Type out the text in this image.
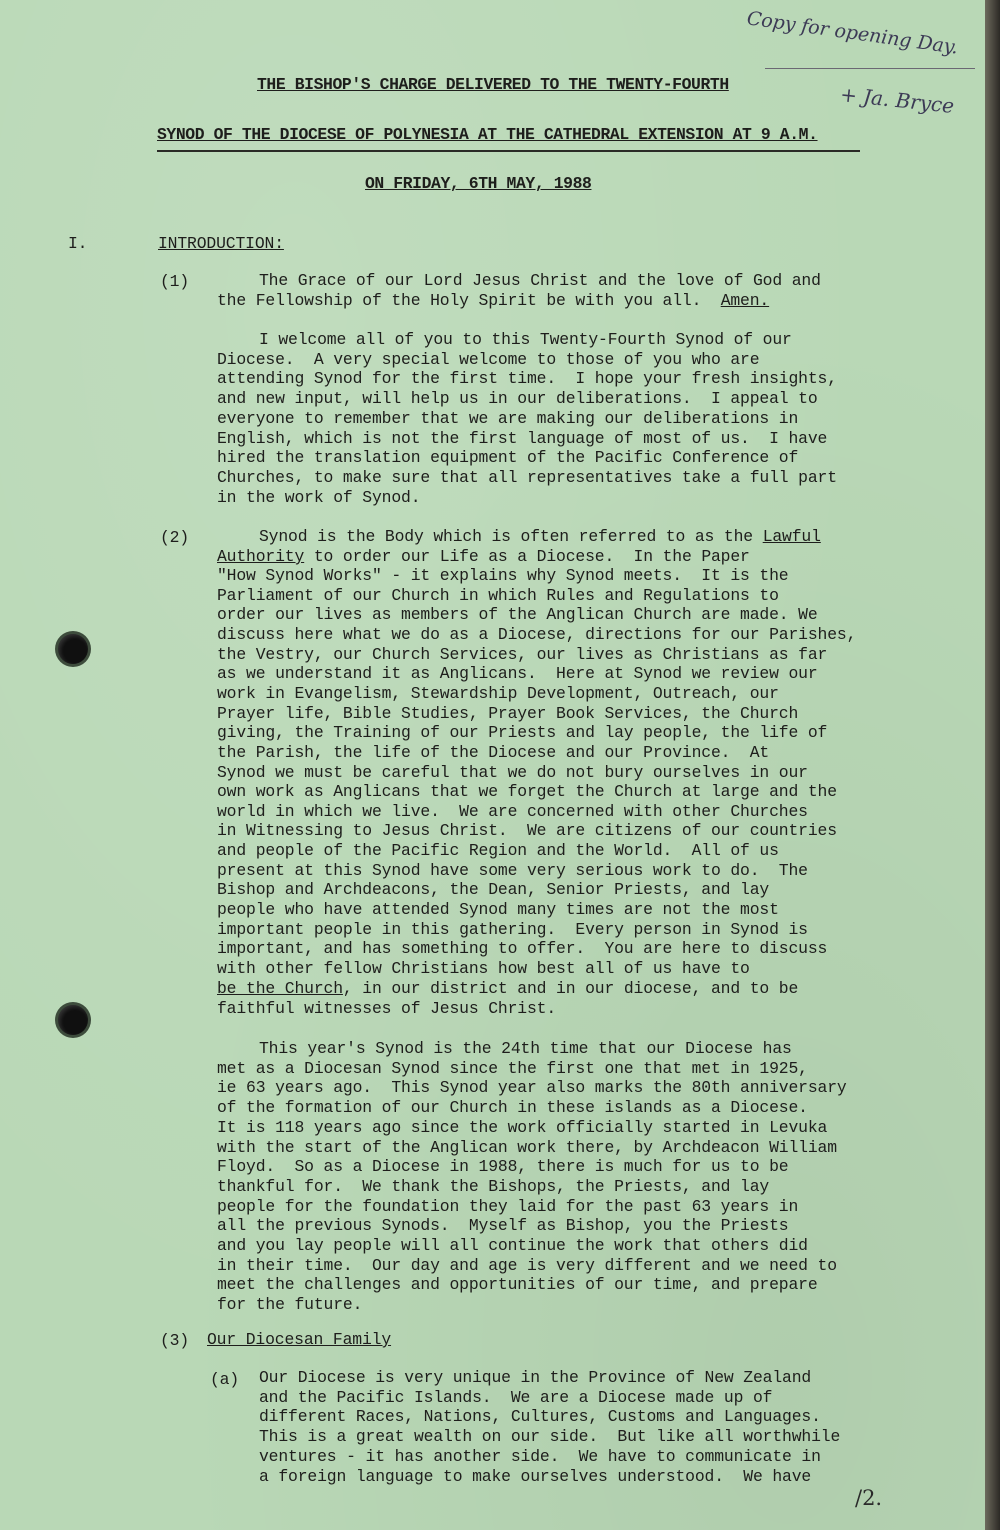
Copy for opening Day.
+ Ja. Bryce
THE BISHOP'S CHARGE DELIVERED TO THE TWENTY-FOURTH
SYNOD OF THE DIOCESE OF POLYNESIA AT THE CATHEDRAL EXTENSION AT 9 A.M.
ON FRIDAY, 6TH MAY, 1988
I.	INTRODUCTION:
(1)	The Grace of our Lord Jesus Christ and the love of God and
the Fellowship of the Holy Spirit be with you all. Amen.
I welcome all of you to this Twenty-Fourth Synod of our
Diocese.  A very special welcome to those of you who are
attending Synod for the first time.  I hope your fresh insights,
and new input, will help us in our deliberations.  I appeal to
everyone to remember that we are making our deliberations in
English, which is not the first language of most of us.  I have
hired the translation equipment of the Pacific Conference of
Churches, to make sure that all representatives take a full part
in the work of Synod.
(2)	Synod is the Body which is often referred to as the Lawful
Authority to order our Life as a Diocese.  In the Paper
"How Synod Works" - it explains why Synod meets.  It is the
Parliament of our Church in which Rules and Regulations to
order our lives as members of the Anglican Church are made. We
discuss here what we do as a Diocese, directions for our Parishes,
the Vestry, our Church Services, our lives as Christians as far
as we understand it as Anglicans.  Here at Synod we review our
work in Evangelism, Stewardship Development, Outreach, our
Prayer life, Bible Studies, Prayer Book Services, the Church
giving, the Training of our Priests and lay people, the life of
the Parish, the life of the Diocese and our Province.  At
Synod we must be careful that we do not bury ourselves in our
own work as Anglicans that we forget the Church at large and the
world in which we live.  We are concerned with other Churches
in Witnessing to Jesus Christ.  We are citizens of our countries
and people of the Pacific Region and the World.  All of us
present at this Synod have some very serious work to do.  The
Bishop and Archdeacons, the Dean, Senior Priests, and lay
people who have attended Synod many times are not the most
important people in this gathering.  Every person in Synod is
important, and has something to offer.  You are here to discuss
with other fellow Christians how best all of us have to
be the Church, in our district and in our diocese, and to be
faithful witnesses of Jesus Christ.
This year's Synod is the 24th time that our Diocese has
met as a Diocesan Synod since the first one that met in 1925,
ie 63 years ago.  This Synod year also marks the 80th anniversary
of the formation of our Church in these islands as a Diocese.
It is 118 years ago since the work officially started in Levuka
with the start of the Anglican work there, by Archdeacon William
Floyd.  So as a Diocese in 1988, there is much for us to be
thankful for.  We thank the Bishops, the Priests, and lay
people for the foundation they laid for the past 63 years in
all the previous Synods.  Myself as Bishop, you the Priests
and you lay people will all continue the work that others did
in their time.  Our day and age is very different and we need to
meet the challenges and opportunities of our time, and prepare
for the future.
(3) Our Diocesan Family
(a) Our Diocese is very unique in the Province of New Zealand
and the Pacific Islands.  We are a Diocese made up of
different Races, Nations, Cultures, Customs and Languages.
This is a great wealth on our side.  But like all worthwhile
ventures - it has another side.  We have to communicate in
a foreign language to make ourselves understood.  We have
/2.
